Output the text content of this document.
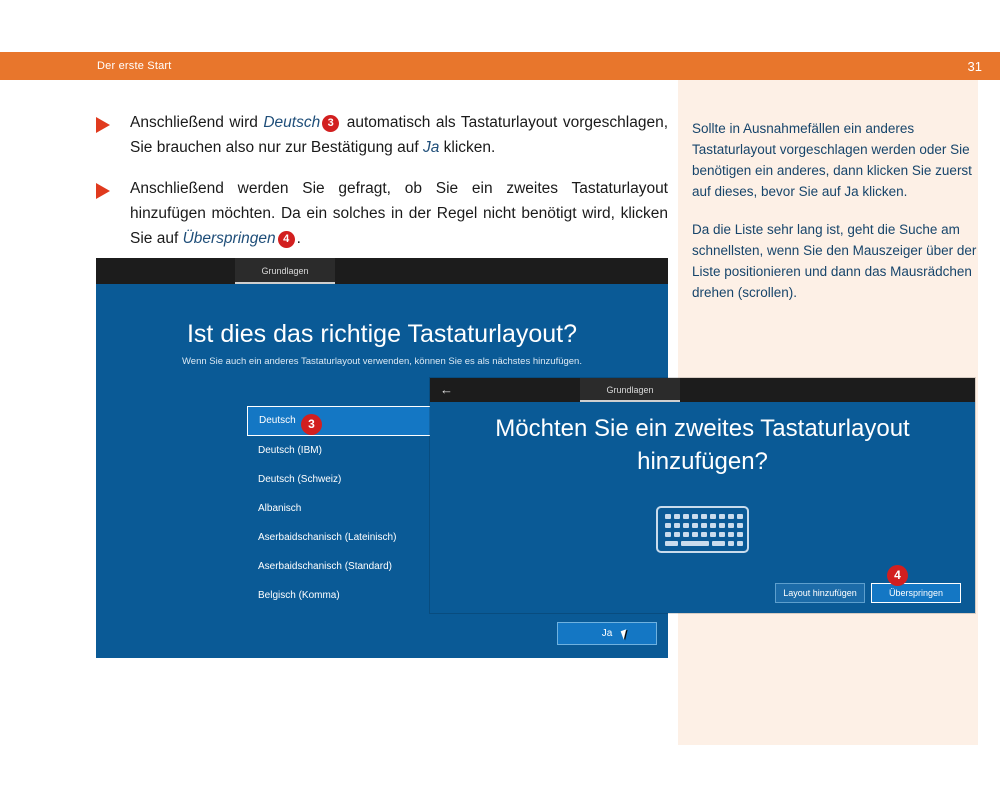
Der erste Start	31

Sollte in Ausnahmefällen ein anderes Tastaturlayout vorgeschlagen werden oder Sie benötigen ein anderes, dann klicken Sie zuerst auf dieses, bevor Sie auf Ja klicken.

Da die Liste sehr lang ist, geht die Suche am schnellsten, wenn Sie den Mauszeiger über der Liste positionieren und dann das Mausrädchen drehen (scrollen).

Anschließend wird Deutsch 3 automatisch als Tastaturlayout vorgeschlagen, Sie brauchen also nur zur Bestätigung auf Ja klicken.
Anschließend werden Sie gefragt, ob Sie ein zweites Tastaturlayout hinzufügen möchten. Da ein solches in der Regel nicht benötigt wird, klicken Sie auf Überspringen 4 .
Grundlagen
Ist dies das richtige Tastaturlayout?
Wenn Sie auch ein anderes Tastaturlayout verwenden, können Sie es als nächstes hinzufügen.
Deutsch
Deutsch (IBM)
Deutsch (Schweiz)
Albanisch
Aserbaidschanisch (Lateinisch)
Aserbaidschanisch (Standard)
Belgisch (Komma)
Ja
3
←	Grundlagen
Möchten Sie ein zweites Tastaturlayout hinzufügen?
Layout hinzufügen	Überspringen
4
